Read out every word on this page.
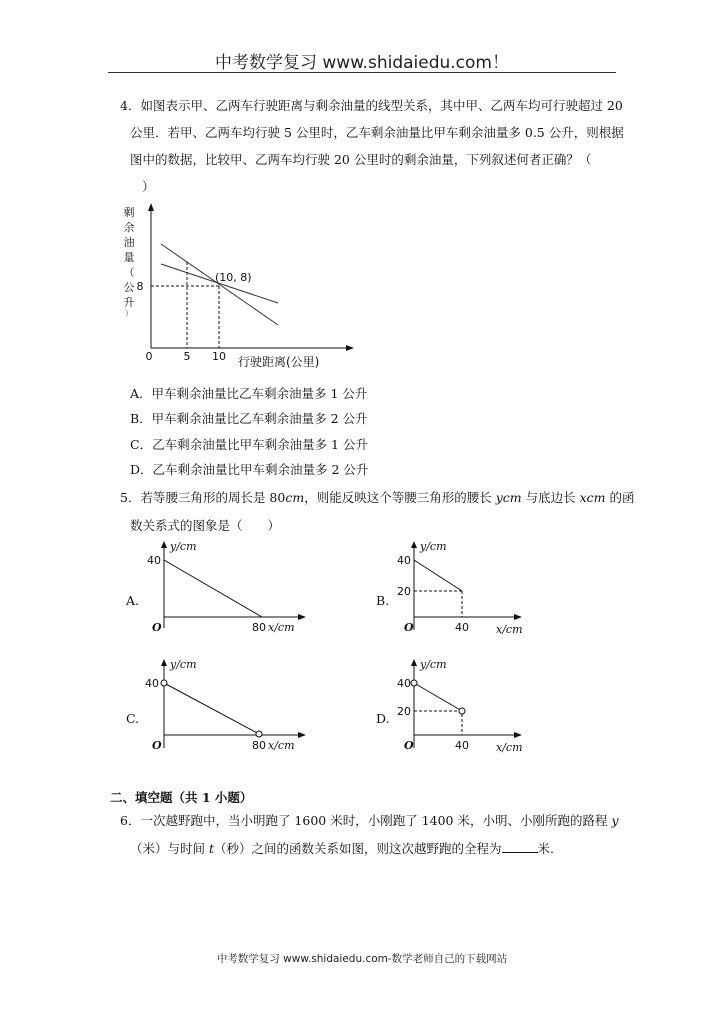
中考数学复习 www.shidaiedu.com！
4．如图表示甲、乙两车行驶距离与剩余油量的线型关系，其中甲、乙两车均可行驶超过 20
公里．若甲、乙两车均行驶 5 公里时，乙车剩余油量比甲车剩余油量多 0.5 公升，则根据
图中的数据，比较甲、乙两车均行驶 20 公里时的剩余油量，下列叙述何者正确？（
）
剩
余
油
量
（
公
升
）
(10, 8)
8
0	5 10 行驶距离(公里)
A．甲车剩余油量比乙车剩余油量多 1 公升
B．甲车剩余油量比乙车剩余油量多 2 公升
C．乙车剩余油量比甲车剩余油量多 1 公升
D．乙车剩余油量比甲车剩余油量多 2 公升
5．若等腰三角形的周长是 80cm，则能反映这个等腰三角形的腰长 ycm 与底边长 xcm 的函
数关系式的图象是（　　）
A.
y/cm
40
O	80 x/cm
B.
y/cm
40
20
O	40 x/cm
C.
y/cm
40
O	80 x/cm
D.
y/cm
40
20
O	40 x/cm
二、填空题（共 1 小题）
6．一次越野跑中，当小明跑了 1600 米时，小刚跑了 1400 米，小明、小刚所跑的路程 y
（米）与时间 t（秒）之间的函数关系如图，则这次越野跑的全程为	米.
中考数学复习 www.shidaiedu.com-数学老师自己的下载网站
